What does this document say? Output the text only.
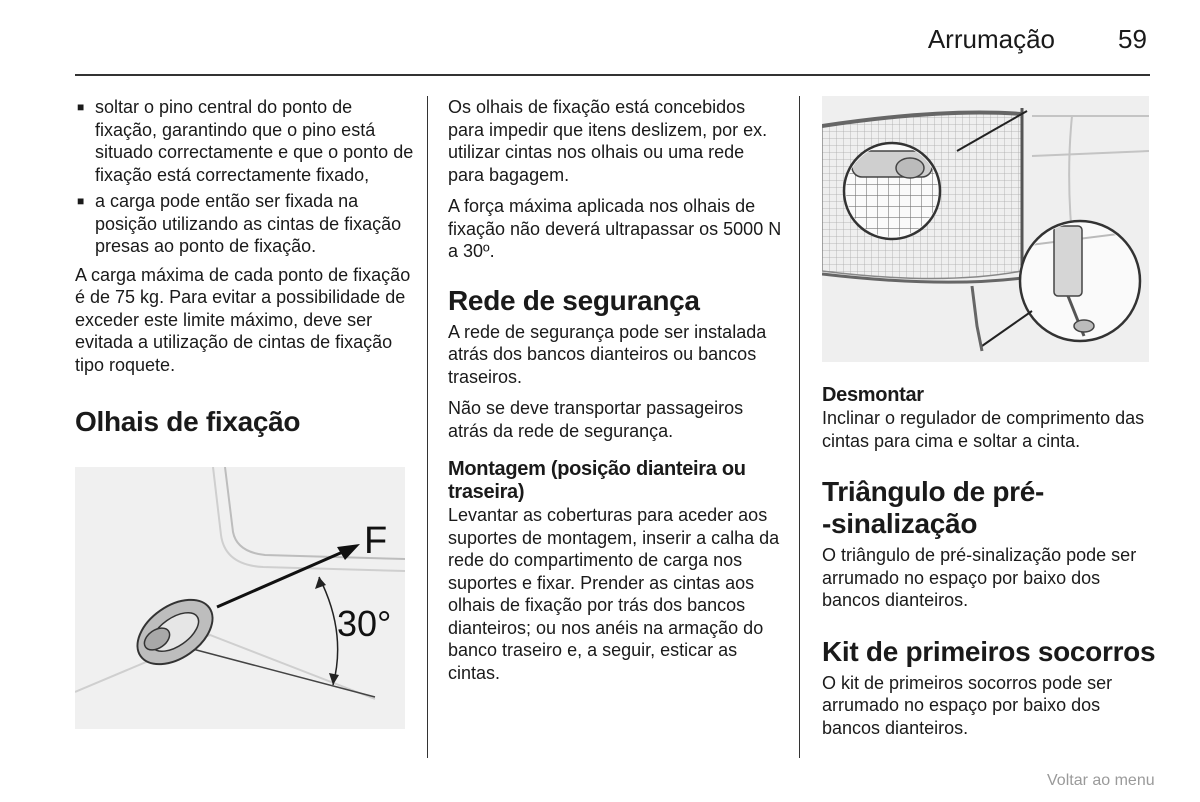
Arrumação 59
■ soltar o pino central do ponto de fixação, garantindo que o pino está situado correctamente e que o ponto de fixação está correctamente fixado,
■ a carga pode então ser fixada na posição utilizando as cintas de fixação presas ao ponto de fixação.

A carga máxima de cada ponto de fixação é de 75 kg. Para evitar a possibilidade de exceder este limite máximo, deve ser evitada a utilização de cintas de fixação tipo roquete.

Olhais de fixação
F
30°

Os olhais de fixação está concebidos para impedir que itens deslizem, por ex. utilizar cintas nos olhais ou uma rede para bagagem.

A força máxima aplicada nos olhais de fixação não deverá ultrapassar os 5000 N a 30º.

Rede de segurança

A rede de segurança pode ser instalada atrás dos bancos dianteiros ou bancos traseiros.

Não se deve transportar passageiros atrás da rede de segurança.

Montagem (posição dianteira ou traseira)

Levantar as coberturas para aceder aos suportes de montagem, inserir a calha da rede do compartimento de carga nos suportes e fixar. Prender as cintas aos olhais de fixação por trás dos bancos dianteiros; ou nos anéis na armação do banco traseiro e, a seguir, esticar as cintas.

Desmontar

Inclinar o regulador de comprimento das cintas para cima e soltar a cinta.

Triângulo de pré-
-sinalização

O triângulo de pré-sinalização pode ser arrumado no espaço por baixo dos bancos dianteiros.

Kit de primeiros socorros

O kit de primeiros socorros pode ser arrumado no espaço por baixo dos bancos dianteiros.

Voltar ao menu
